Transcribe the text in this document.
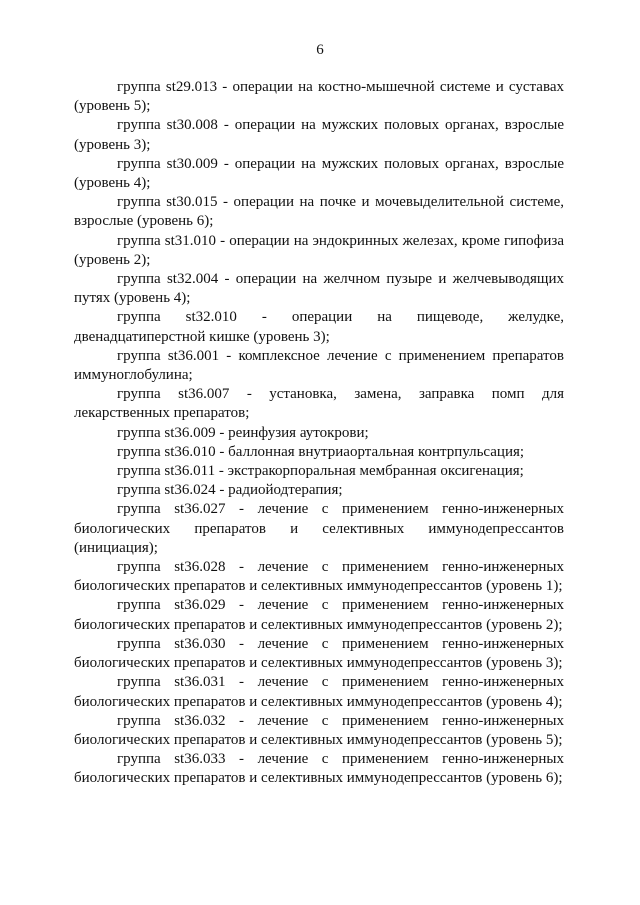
6

группа st29.013 - операции на костно-мышечной системе и суставах (уровень 5);

группа st30.008 - операции на мужских половых органах, взрослые (уровень 3);

группа st30.009 - операции на мужских половых органах, взрослые (уровень 4);

группа st30.015 - операции на почке и мочевыделительной системе, взрослые (уровень 6);

группа st31.010 - операции на эндокринных железах, кроме гипофиза (уровень 2);

группа st32.004 - операции на желчном пузыре и желчевыводящих путях (уровень 4);

группа st32.010 - операции на пищеводе, желудке, двенадцатиперстной кишке (уровень 3);

группа st36.001 - комплексное лечение с применением препаратов иммуноглобулина;

группа st36.007 - установка, замена, заправка помп для лекарственных препаратов;

группа st36.009 - реинфузия аутокрови;

группа st36.010 - баллонная внутриаортальная контрпульсация;

группа st36.011 - экстракорпоральная мембранная оксигенация;

группа st36.024 - радиойодтерапия;

группа st36.027 - лечение с применением генно-инженерных биологических препаратов и селективных иммунодепрессантов (инициация);

группа st36.028 - лечение с применением генно-инженерных биологических препаратов и селективных иммунодепрессантов (уровень 1);

группа st36.029 - лечение с применением генно-инженерных биологических препаратов и селективных иммунодепрессантов (уровень 2);

группа st36.030 - лечение с применением генно-инженерных биологических препаратов и селективных иммунодепрессантов (уровень 3);

группа st36.031 - лечение с применением генно-инженерных биологических препаратов и селективных иммунодепрессантов (уровень 4);

группа st36.032 - лечение с применением генно-инженерных биологических препаратов и селективных иммунодепрессантов (уровень 5);

группа st36.033 - лечение с применением генно-инженерных биологических препаратов и селективных иммунодепрессантов (уровень 6);
